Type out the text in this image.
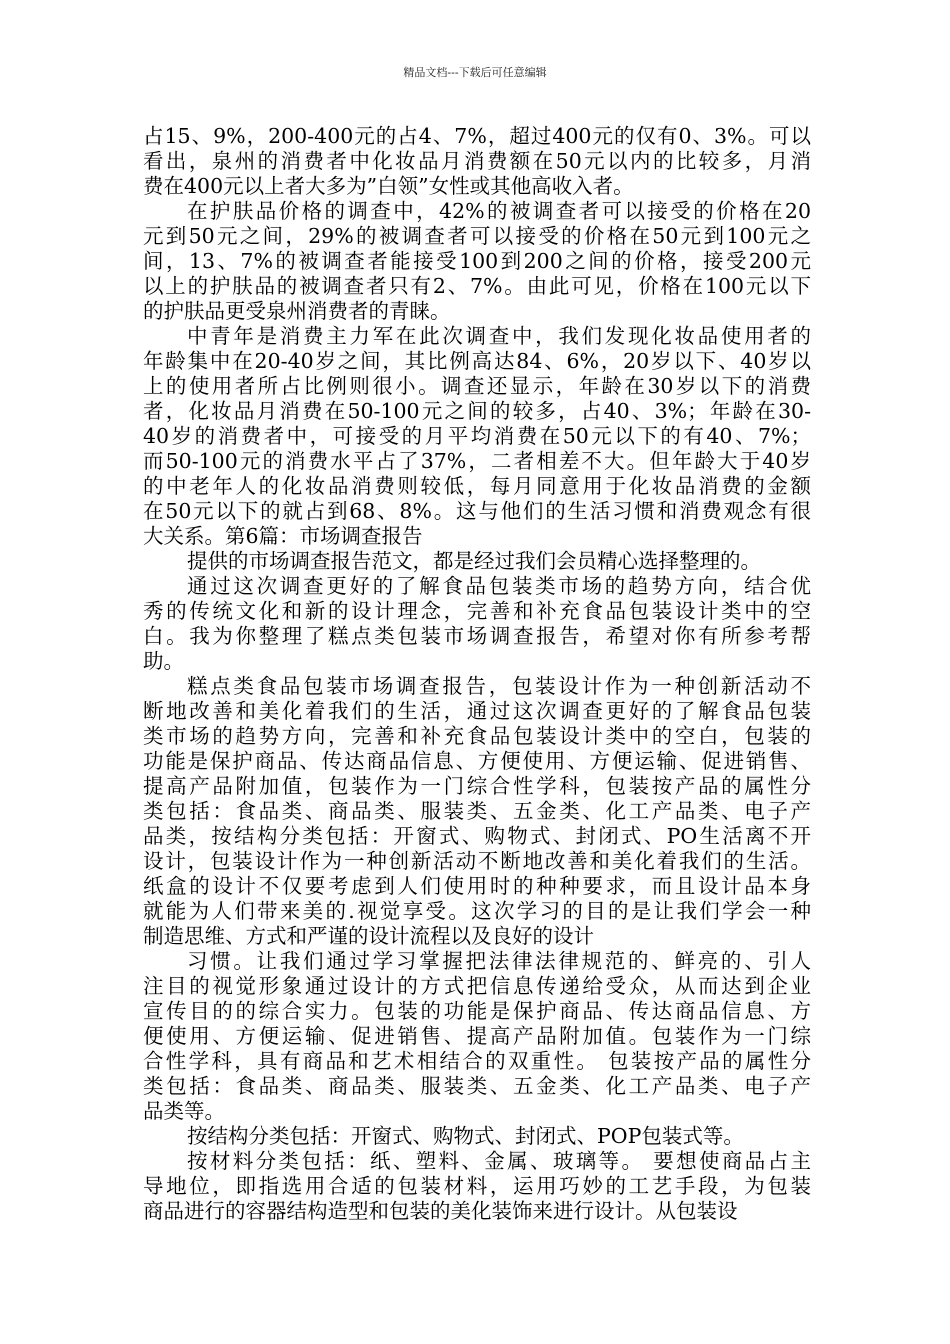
精品文档---下载后可任意编辑
占15、9%，200-400元的占4、7%，超过400元的仅有0、3%。可以
看出，泉州的消费者中化妆品月消费额在50元以内的比较多，月消
费在400元以上者大多为”白领”女性或其他高收入者。
在护肤品价格的调查中，42%的被调查者可以接受的价格在20
元到50元之间，29%的被调查者可以接受的价格在50元到100元之
间，13、7%的被调查者能接受100到200之间的价格，接受200元
以上的护肤品的被调查者只有2、7%。由此可见，价格在100元以下
的护肤品更受泉州消费者的青睐。
中青年是消费主力军在此次调查中，我们发现化妆品使用者的
年龄集中在20-40岁之间，其比例高达84、6%，20岁以下、40岁以
上的使用者所占比例则很小。调查还显示，年龄在30岁以下的消费
者，化妆品月消费在50-100元之间的较多，占40、3%；年龄在30-
40岁的消费者中，可接受的月平均消费在50元以下的有40、7%；
而50-100元的消费水平占了37%，二者相差不大。但年龄大于40岁
的中老年人的化妆品消费则较低，每月同意用于化妆品消费的金额
在50元以下的就占到68、8%。这与他们的生活习惯和消费观念有很
大关系。第6篇：市场调查报告
提供的市场调查报告范文，都是经过我们会员精心选择整理的。
通过这次调查更好的了解食品包装类市场的趋势方向，结合优
秀的传统文化和新的设计理念，完善和补充食品包装设计类中的空
白。我为你整理了糕点类包装市场调查报告，希望对你有所参考帮
助。
糕点类食品包装市场调查报告，包装设计作为一种创新活动不
断地改善和美化着我们的生活，通过这次调查更好的了解食品包装
类市场的趋势方向，完善和补充食品包装设计类中的空白，包装的
功能是保护商品、传达商品信息、方便使用、方便运输、促进销售、
提高产品附加值，包装作为一门综合性学科，包装按产品的属性分
类包括：食品类、商品类、服装类、五金类、化工产品类、电子产
品类，按结构分类包括：开窗式、购物式、封闭式、PO生活离不开
设计，包装设计作为一种创新活动不断地改善和美化着我们的生活。
纸盒的设计不仅要考虑到人们使用时的种种要求，而且设计品本身
就能为人们带来美的.视觉享受。这次学习的目的是让我们学会一种
制造思维、方式和严谨的设计流程以及良好的设计
习惯。让我们通过学习掌握把法律法律规范的、鲜亮的、引人
注目的视觉形象通过设计的方式把信息传递给受众，从而达到企业
宣传目的的综合实力。包装的功能是保护商品、传达商品信息、方
便使用、方便运输、促进销售、提高产品附加值。包装作为一门综
合性学科，具有商品和艺术相结合的双重性。 包装按产品的属性分
类包括：食品类、商品类、服装类、五金类、化工产品类、电子产
品类等。
按结构分类包括：开窗式、购物式、封闭式、POP包装式等。
按材料分类包括：纸、塑料、金属、玻璃等。 要想使商品占主
导地位，即指选用合适的包装材料，运用巧妙的工艺手段，为包装
商品进行的容器结构造型和包装的美化装饰来进行设计。从包装设
